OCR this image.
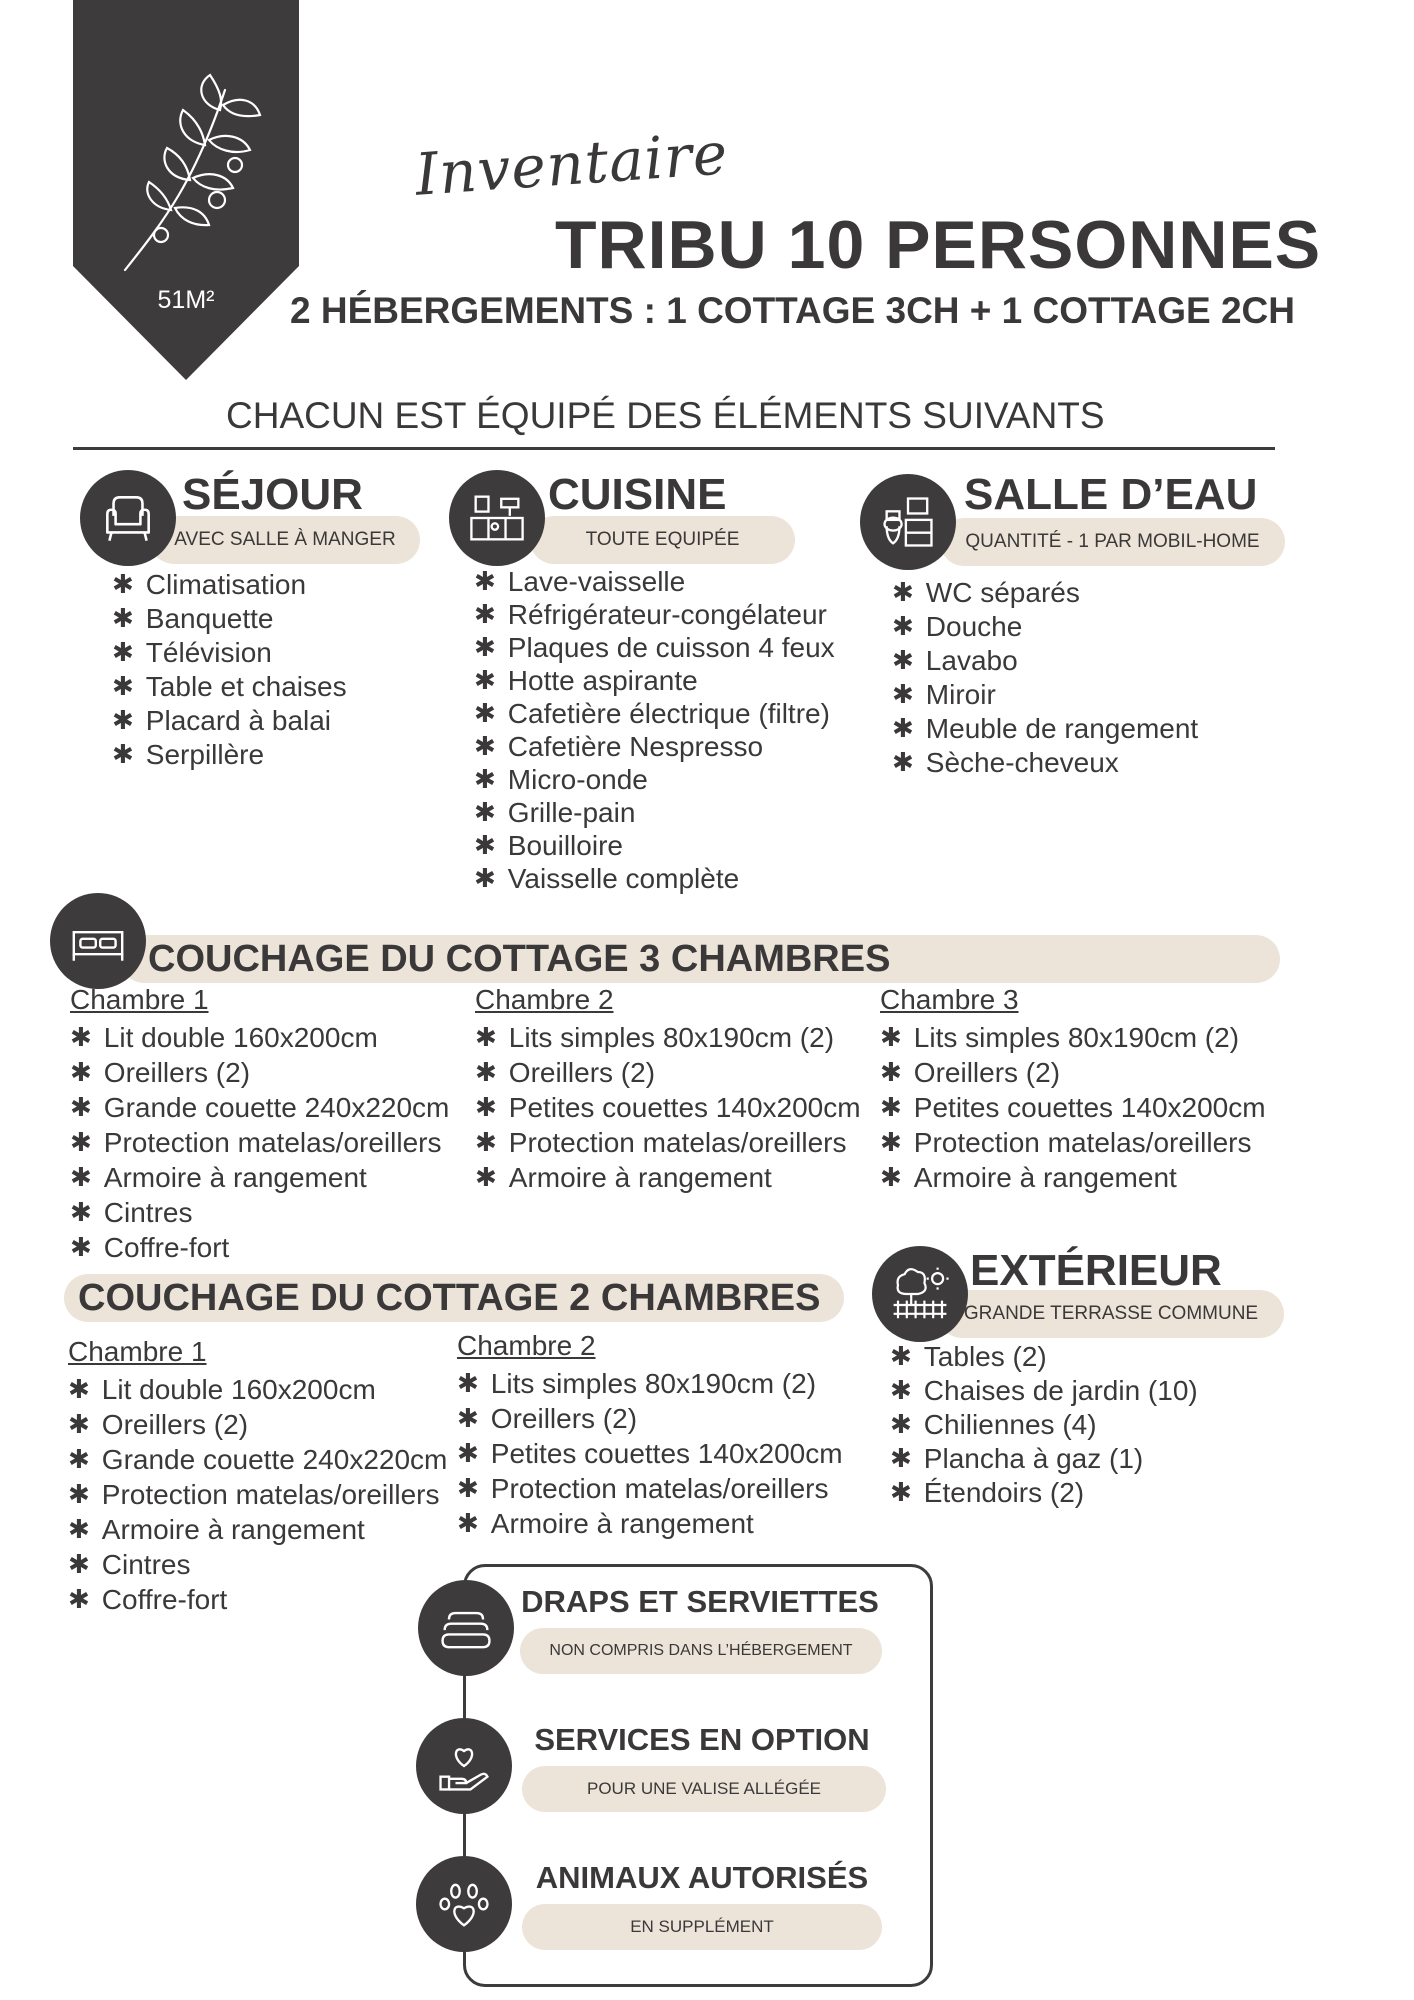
51M²
Inventaire
TRIBU 10 PERSONNES
2 HÉBERGEMENTS : 1 COTTAGE 3CH + 1 COTTAGE 2CH
CHACUN EST ÉQUIPÉ DES ÉLÉMENTS SUIVANTS
AVEC SALLE À MANGER
SÉJOUR
✱ Climatisation
✱ Banquette
✱ Télévision
✱ Table et chaises
✱ Placard à balai
✱ Serpillère
TOUTE EQUIPÉE
CUISINE
✱ Lave-vaisselle
✱ Réfrigérateur-congélateur
✱ Plaques de cuisson 4 feux
✱ Hotte aspirante
✱ Cafetière électrique (filtre)
✱ Cafetière Nespresso
✱ Micro-onde
✱ Grille-pain
✱ Bouilloire
✱ Vaisselle complète
QUANTITÉ - 1 PAR MOBIL-HOME
SALLE D’EAU
✱ WC séparés
✱ Douche
✱ Lavabo
✱ Miroir
✱ Meuble de rangement
✱ Sèche-cheveux
COUCHAGE DU COTTAGE 3 CHAMBRES
Chambre 1
✱ Lit double 160x200cm
✱ Oreillers (2)
✱ Grande couette 240x220cm
✱ Protection matelas/oreillers
✱ Armoire à rangement
✱ Cintres
✱ Coffre-fort
Chambre 2
✱ Lits simples 80x190cm (2)
✱ Oreillers (2)
✱ Petites couettes 140x200cm
✱ Protection matelas/oreillers
✱ Armoire à rangement
Chambre 3
✱ Lits simples 80x190cm (2)
✱ Oreillers (2)
✱ Petites couettes 140x200cm
✱ Protection matelas/oreillers
✱ Armoire à rangement
COUCHAGE DU COTTAGE 2 CHAMBRES
Chambre 1
✱ Lit double 160x200cm
✱ Oreillers (2)
✱ Grande couette 240x220cm
✱ Protection matelas/oreillers
✱ Armoire à rangement
✱ Cintres
✱ Coffre-fort
Chambre 2
✱ Lits simples 80x190cm (2)
✱ Oreillers (2)
✱ Petites couettes 140x200cm
✱ Protection matelas/oreillers
✱ Armoire à rangement
GRANDE TERRASSE COMMUNE
EXTÉRIEUR
✱ Tables (2)
✱ Chaises de jardin (10)
✱ Chiliennes (4)
✱ Plancha à gaz (1)
✱ Étendoirs (2)
DRAPS ET SERVIETTES
NON COMPRIS DANS L’HÉBERGEMENT
SERVICES EN OPTION
POUR UNE VALISE ALLÉGÉE
ANIMAUX AUTORISÉS
EN SUPPLÉMENT
